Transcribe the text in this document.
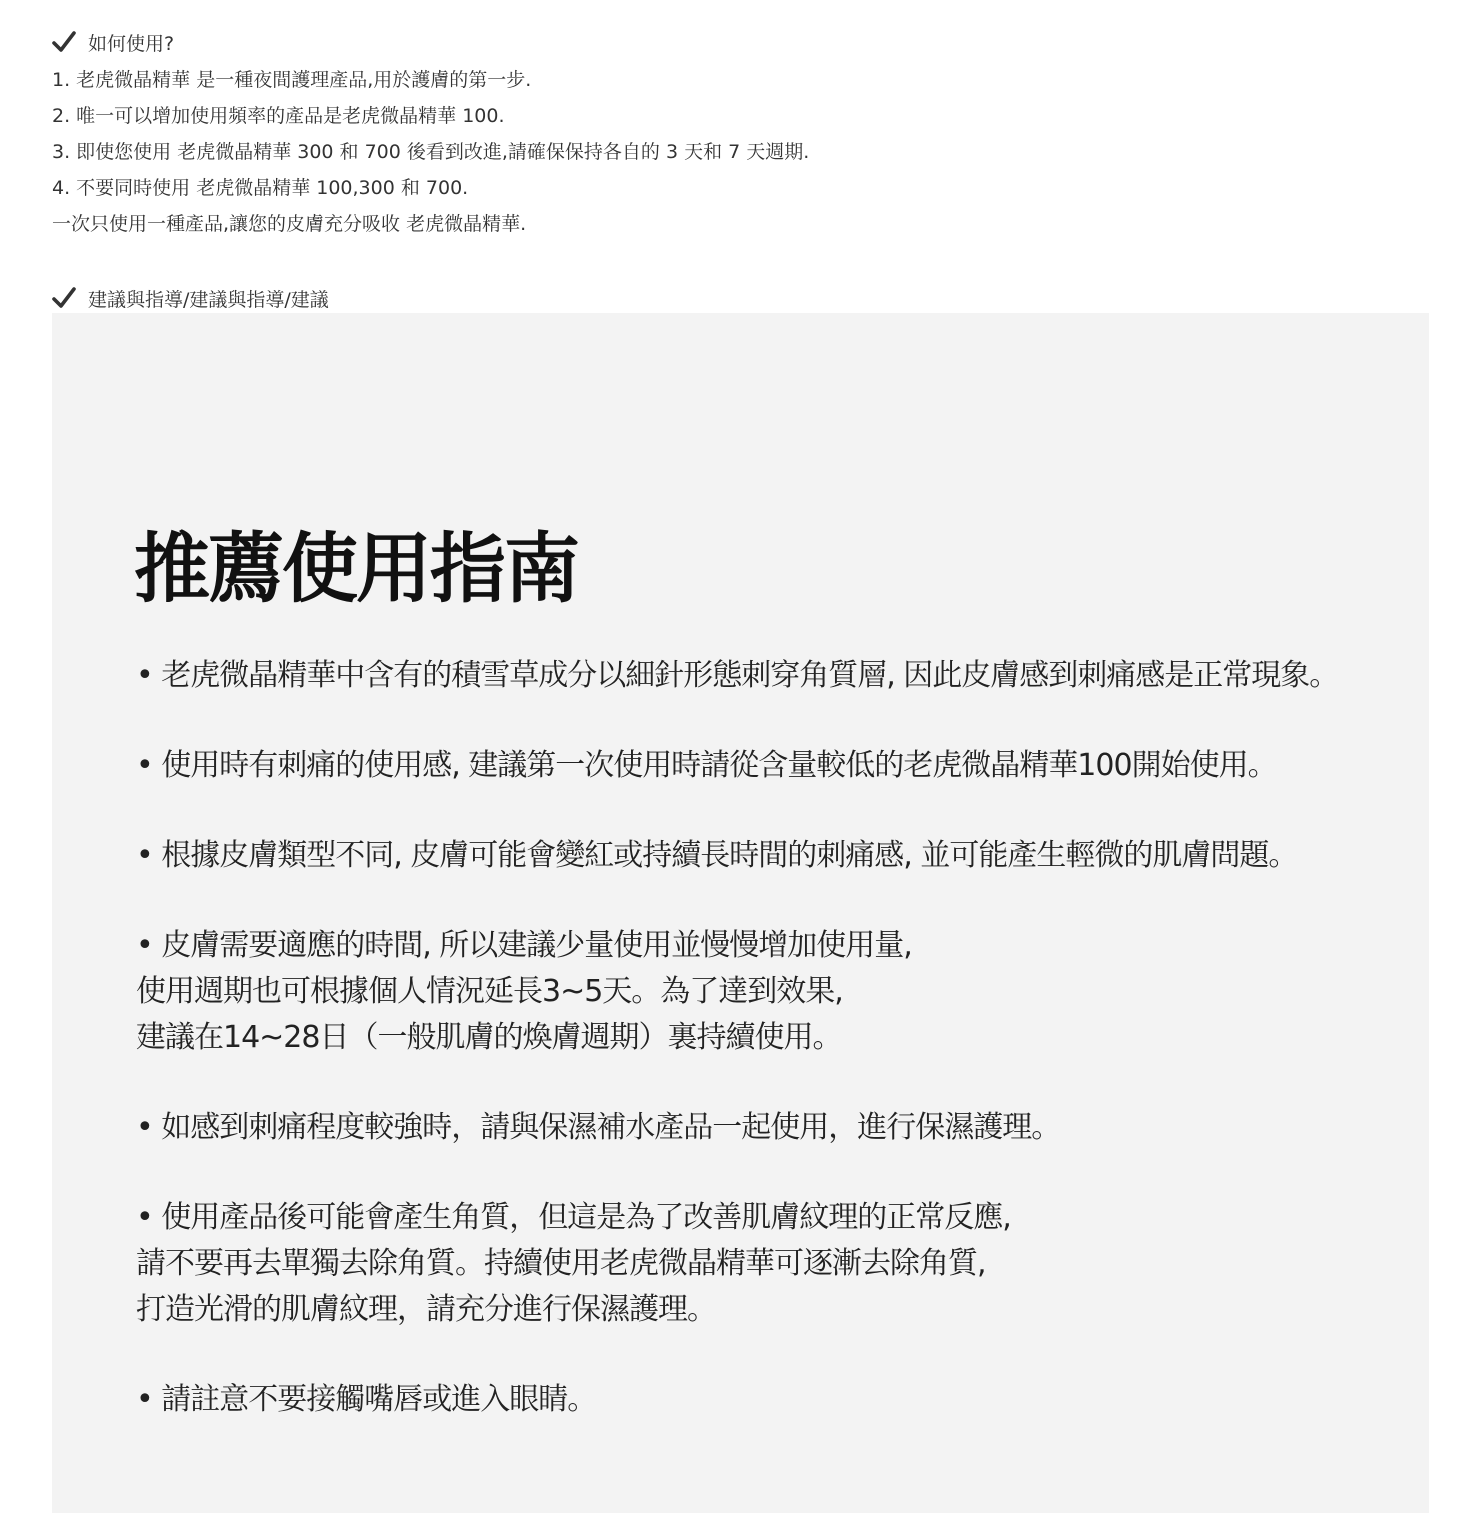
如何使用?
1. 老虎微晶精華 是一種夜間護理產品,用於護膚的第一步.
2. 唯一可以增加使用頻率的產品是老虎微晶精華 100.
3. 即使您使用 老虎微晶精華 300 和 700 後看到改進,請確保保持各自的 3 天和 7 天週期.
4. 不要同時使用 老虎微晶精華 100,300 和 700.
一次只使用一種產品,讓您的皮膚充分吸收 老虎微晶精華.
建議與指導/建議與指導/建議
推薦使用指南

• 老虎微晶精華中含有的積雪草成分以細針形態刺穿角質層, 因此皮膚感到刺痛感是正常現象。

• 使用時有刺痛的使用感, 建議第一次使用時請從含量較低的老虎微晶精華100開始使用。

• 根據皮膚類型不同, 皮膚可能會變紅或持續長時間的刺痛感, 並可能產生輕微的肌膚問題。

• 皮膚需要適應的時間, 所以建議少量使用並慢慢增加使用量,
使用週期也可根據個人情況延長3~5天。為了達到效果,
建議在14~28日（一般肌膚的煥膚週期）裏持續使用。

• 如感到刺痛程度較強時，請與保濕補水產品一起使用，進行保濕護理。

• 使用產品後可能會產生角質，但這是為了改善肌膚紋理的正常反應,
請不要再去單獨去除角質。持續使用老虎微晶精華可逐漸去除角質,
打造光滑的肌膚紋理，請充分進行保濕護理。

• 請註意不要接觸嘴唇或進入眼睛。
